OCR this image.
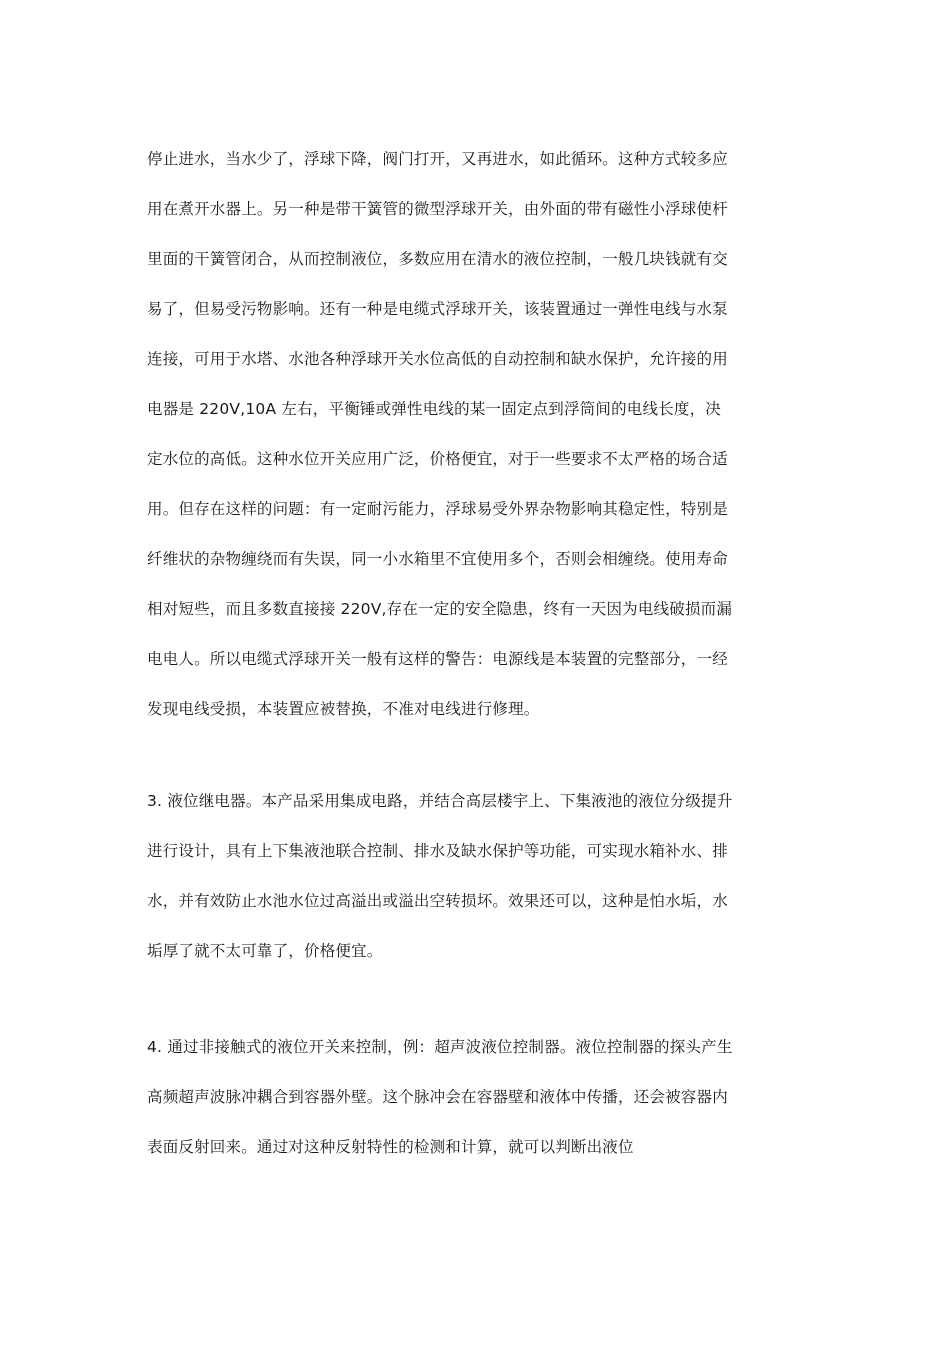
停止进水，当水少了，浮球下降，阀门打开，又再进水，如此循环。这种方式较多应
用在煮开水器上。另一种是带干簧管的微型浮球开关，由外面的带有磁性小浮球使杆
里面的干簧管闭合，从而控制液位，多数应用在清水的液位控制，一般几块钱就有交
易了，但易受污物影响。还有一种是电缆式浮球开关，该装置通过一弹性电线与水泵
连接，可用于水塔、水池各种浮球开关水位高低的自动控制和缺水保护，允许接的用
电器是 220V,10A 左右，平衡锤或弹性电线的某一固定点到浮筒间的电线长度，决
定水位的高低。这种水位开关应用广泛，价格便宜，对于一些要求不太严格的场合适
用。但存在这样的问题：有一定耐污能力，浮球易受外界杂物影响其稳定性，特别是
纤维状的杂物缠绕而有失误，同一小水箱里不宜使用多个，否则会相缠绕。使用寿命
相对短些，而且多数直接接 220V,存在一定的安全隐患，终有一天因为电线破损而漏
电电人。所以电缆式浮球开关一般有这样的警告：电源线是本装置的完整部分，一经
发现电线受损，本装置应被替换，不准对电线进行修理。
3. 液位继电器。本产品采用集成电路，并结合高层楼宇上、下集液池的液位分级提升
进行设计，具有上下集液池联合控制、排水及缺水保护等功能，可实现水箱补水、排
水，并有效防止水池水位过高溢出或溢出空转损坏。效果还可以，这种是怕水垢，水
垢厚了就不太可靠了，价格便宜。
4. 通过非接触式的液位开关来控制，例：超声波液位控制器。液位控制器的探头产生
高频超声波脉冲耦合到容器外壁。这个脉冲会在容器壁和液体中传播，还会被容器内
表面反射回来。通过对这种反射特性的检测和计算，就可以判断出液位
